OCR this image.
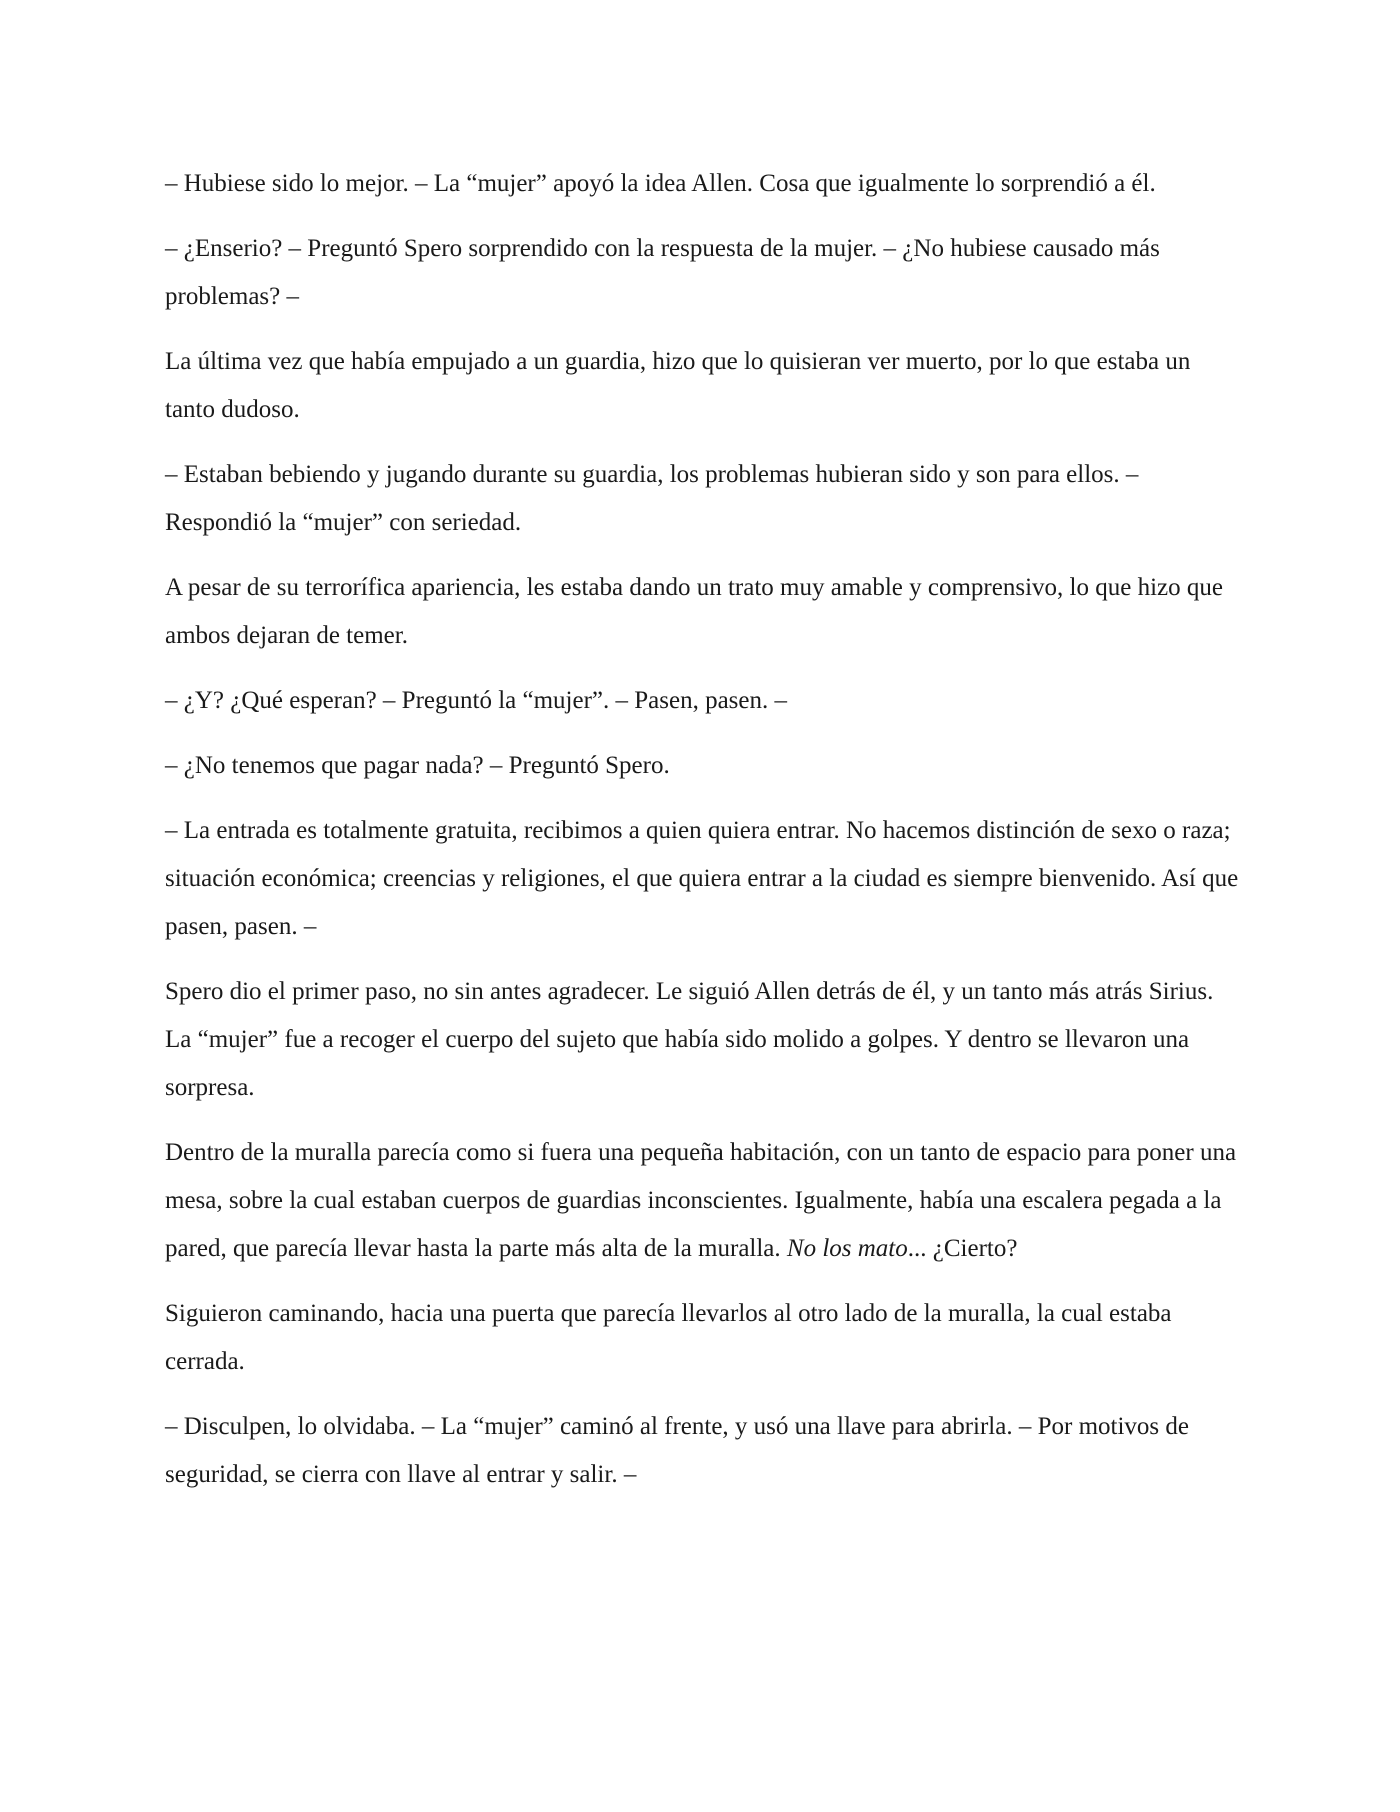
– Hubiese sido lo mejor. – La “mujer” apoyó la idea Allen. Cosa que igualmente lo sorprendió a él.

– ¿Enserio? – Preguntó Spero sorprendido con la respuesta de la mujer. – ¿No hubiese causado más problemas? –

La última vez que había empujado a un guardia, hizo que lo quisieran ver muerto, por lo que estaba un tanto dudoso.

– Estaban bebiendo y jugando durante su guardia, los problemas hubieran sido y son para ellos. – Respondió la “mujer” con seriedad.

A pesar de su terrorífica apariencia, les estaba dando un trato muy amable y comprensivo, lo que hizo que ambos dejaran de temer.

– ¿Y? ¿Qué esperan? – Preguntó la “mujer”. – Pasen, pasen. –

– ¿No tenemos que pagar nada? – Preguntó Spero.

– La entrada es totalmente gratuita, recibimos a quien quiera entrar. No hacemos distinción de sexo o raza; situación económica; creencias y religiones, el que quiera entrar a la ciudad es siempre bienvenido. Así que pasen, pasen. –

Spero dio el primer paso, no sin antes agradecer. Le siguió Allen detrás de él, y un tanto más atrás Sirius. La “mujer” fue a recoger el cuerpo del sujeto que había sido molido a golpes. Y dentro se llevaron una sorpresa.

Dentro de la muralla parecía como si fuera una pequeña habitación, con un tanto de espacio para poner una mesa, sobre la cual estaban cuerpos de guardias inconscientes. Igualmente, había una escalera pegada a la pared, que parecía llevar hasta la parte más alta de la muralla. No los mato... ¿Cierto?

Siguieron caminando, hacia una puerta que parecía llevarlos al otro lado de la muralla, la cual estaba cerrada.

– Disculpen, lo olvidaba. – La “mujer” caminó al frente, y usó una llave para abrirla. – Por motivos de seguridad, se cierra con llave al entrar y salir. –
